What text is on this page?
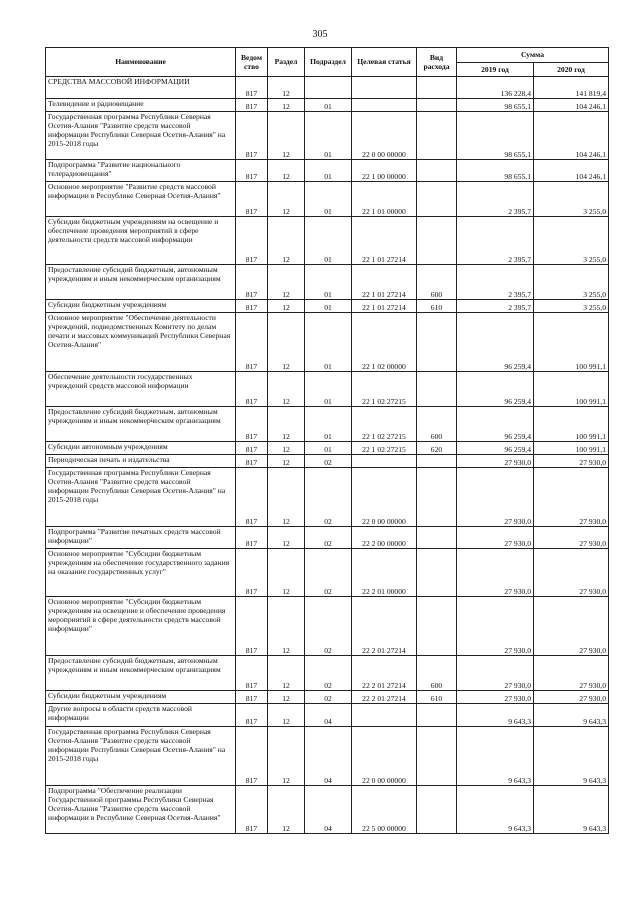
305
Наименование	Ведом ство	Раздел	Подраздел	Целевая статья	Вид расхода	Сумма	
						2019 год	2020 год
СРЕДСТВА МАССОВОЙ ИНФОРМАЦИИ	817	12				136 228,4	141 819,4
Телевидение и радиовещание	817	12	01			98 655,1	104 246,1
Государственная программа Республики Северная Осетия-Алания "Развитие средств массовой информации Республики Северная Осетия-Алания" на 2015-2018 годы	817	12	01	22 0 00 00000		98 655,1	104 246,1
Подпрограмма "Развитие национального телерадиовещания"	817	12	01	22 1 00 00000		98 655,1	104 246,1
Основное мероприятие "Развитие средств массовой информации в Республике Северная Осетия-Алания"	817	12	01	22 1 01 00000		2 395,7	3 255,0
Субсидии бюджетным учреждениям на освещение и обеспечение проведения мероприятий в сфере деятельности средств массовой информации	817	12	01	22 1 01 27214		2 395,7	3 255,0
Предоставление субсидий бюджетным, автономным учреждениям и иным некоммерческим организациям	817	12	01	22 1 01 27214	600	2 395,7	3 255,0
Субсидии бюджетным учреждениям	817	12	01	22 1 01 27214	610	2 395,7	3 255,0
Основное мероприятие "Обеспечение деятельности учреждений, подведомственных Комитету по делам печати и массовых коммуникаций Республики Северная Осетия-Алания"	817	12	01	22 1 02 00000		96 259,4	100 991,1
Обеспечение деятельности государственных учреждений средств массовой информации	817	12	01	22 1 02 27215		96 259,4	100 991,1
Предоставление субсидий бюджетным, автономным учреждениям и иным некоммерческим организациям	817	12	01	22 1 02 27215	600	96 259,4	100 991,1
Субсидии автономным учреждениям	817	12	01	22 1 02 27215	620	96 259,4	100 991,1
Периодическая печать и издательства	817	12	02			27 930,0	27 930,0
Государственная программа Республики Северная Осетия-Алания "Развитие средств массовой информации Республики Северная Осетия-Алания" на 2015-2018 годы	817	12	02	22 0 00 00000		27 930,0	27 930,0
Подпрограмма "Развитие печатных средств массовой информации"	817	12	02	22 2 00 00000		27 930,0	27 930,0
Основное мероприятие "Субсидии бюджетным учреждениям на обеспечение государственного задания на оказание государственных услуг"	817	12	02	22 2 01 00000		27 930,0	27 930,0
Основное мероприятие "Субсидии бюджетным учреждениям на освещение и обеспечение проведения мероприятий в сфере деятельности средств массовой информации"	817	12	02	22 2 01 27214		27 930,0	27 930,0
Предоставление субсидий бюджетным, автономным учреждениям и иным некоммерческим организациям	817	12	02	22 2 01 27214	600	27 930,0	27 930,0
Субсидии бюджетным учреждениям	817	12	02	22 2 01 27214	610	27 930,0	27 930,0
Другие вопросы в области средств массовой информации	817	12	04			9 643,3	9 643,3
Государственная программа Республики Северная Осетия-Алания "Развитие средств массовой информации Республики Северная Осетия-Алания" на 2015-2018 годы	817	12	04	22 0 00 00000		9 643,3	9 643,3
Подпрограмма "Обеспечение реализации Государственной программы Республики Северная Осетия-Алания "Развитие средств массовой информации в Республике Северная Осетия-Алания"	817	12	04	22 5 00 00000		9 643,3	9 643,3
